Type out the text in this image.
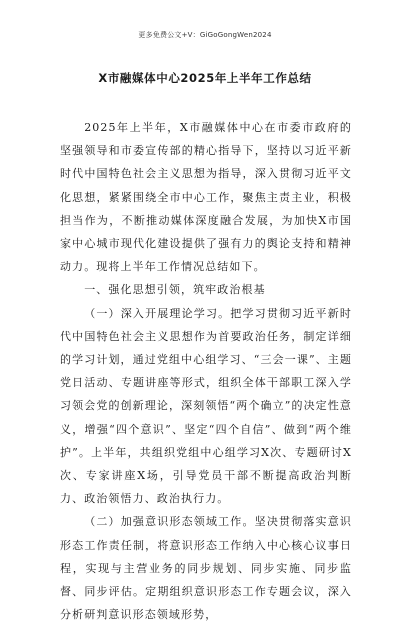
更多免费公文+V：GiGoGongWen2024
X市融媒体中心2025年上半年工作总结

2025年上半年，X市融媒体中心在市委市政府的坚强领导和市委宣传部的精心指导下，坚持以习近平新时代中国特色社会主义思想为指导，深入贯彻习近平文化思想，紧紧围绕全市中心工作，聚焦主责主业，积极担当作为，不断推动媒体深度融合发展，为加快X市国家中心城市现代化建设提供了强有力的舆论支持和精神动力。现将上半年工作情况总结如下。

一、强化思想引领，筑牢政治根基

（一）深入开展理论学习。把学习贯彻习近平新时代中国特色社会主义思想作为首要政治任务，制定详细的学习计划，通过党组中心组学习、“三会一课”、主题党日活动、专题讲座等形式，组织全体干部职工深入学习领会党的创新理论，深刻领悟“两个确立”的决定性意义，增强“四个意识”、坚定“四个自信”、做到“两个维护”。上半年，共组织党组中心组学习X次、专题研讨X次、专家讲座X场，引导党员干部不断提高政治判断力、政治领悟力、政治执行力。

（二）加强意识形态领域工作。坚决贯彻落实意识形态工作责任制，将意识形态工作纳入中心核心议事日程，实现与主营业务的同步规划、同步实施、同步监督、同步评估。定期组织意识形态工作专题会议，深入分析研判意识形态领域形势，
